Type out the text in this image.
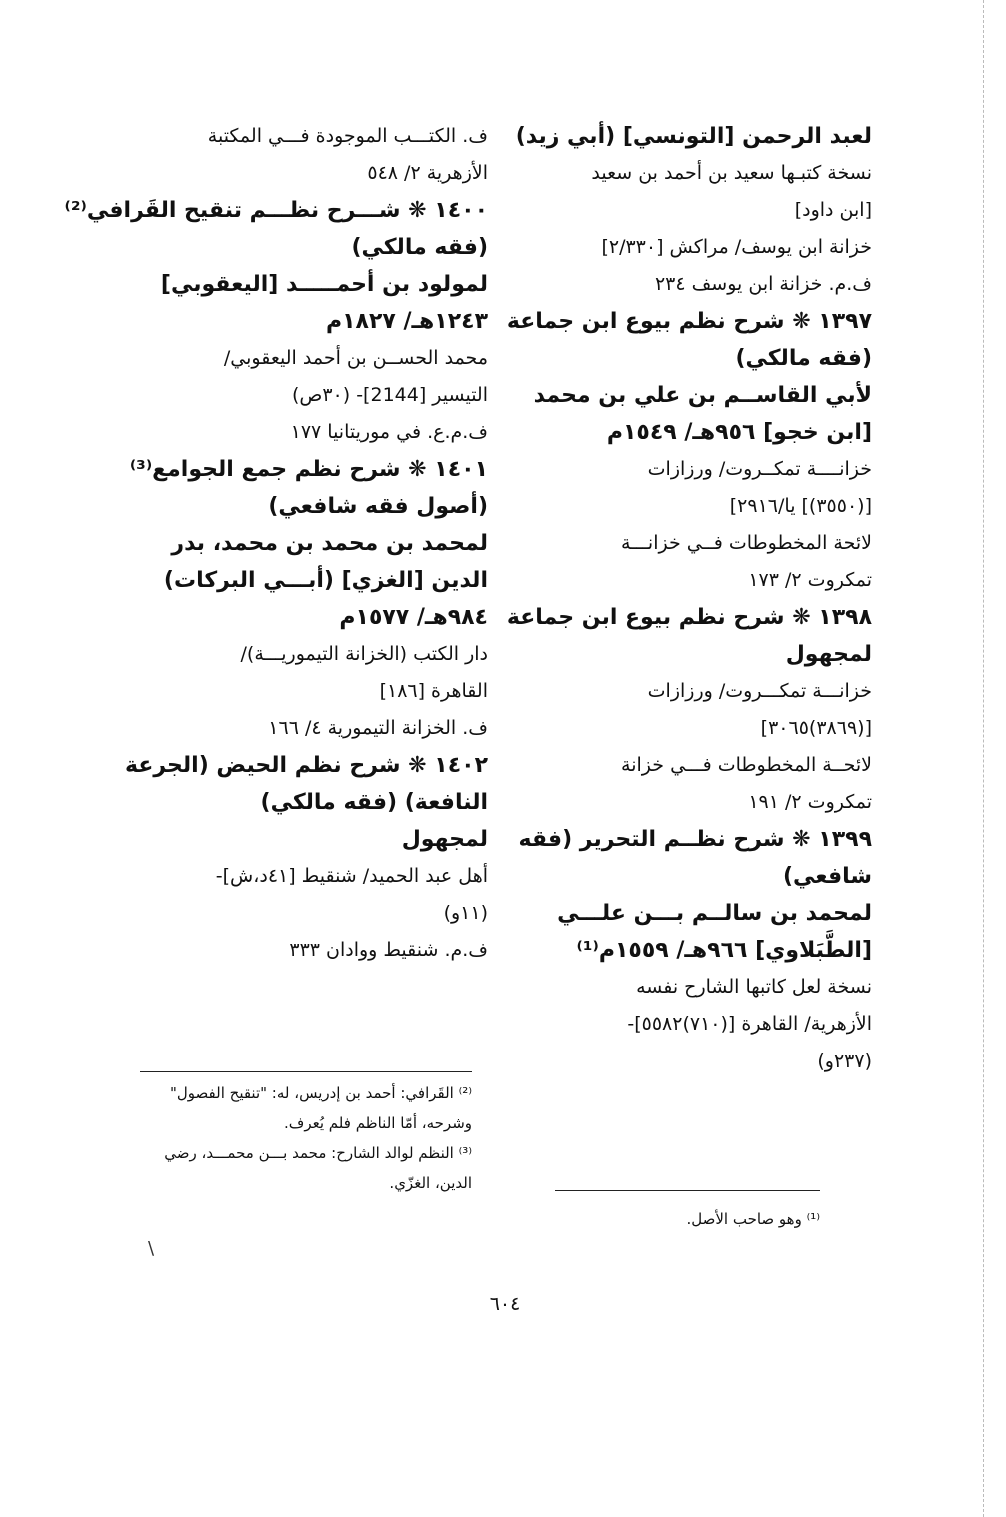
لعبد الرحمن [التونسي] (أبي زيد)
نسخة كتبـها سعيد بن أحمد بن سعيد
[ابن داود]
خزانة ابن يوسف/ مراكش [٢/٣٣٠]
ف.م. خزانة ابن يوسف ٢٣٤
١٣٩٧ ❋ شرح نظم بيوع ابن جماعة
(فقه مالكي)
لأبي القاســم بن علي بن محمد
[ابن خجو] ٩٥٦هـ/ ١٥٤٩م
خزانــــة تمكــروت/ ورزازات
[(٣٥٥٠)] يا/٢٩١٦]
لائحة المخطوطات فــي خزانـــة
تمكروت ٢/ ١٧٣
١٣٩٨ ❋ شرح نظم بيوع ابن جماعة
لمجهول
خزانـــة تمكـــروت/ ورزازات
[(٣٨٦٩)٣٠٦٥]
لائحــة المخطوطات فـــي خزانة
تمكروت ٢/ ١٩١
١٣٩٩ ❋ شرح نظــم التحرير (فقه
شافعي)
لمحمد بن سالــم بـــن علـــي
[الطَّبَلاوي] ٩٦٦هـ/ ١٥٥٩م⁽¹⁾
نسخة لعل كاتبها الشارح نفسه
الأزهرية/ القاهرة [(٧١٠)٥٥٨٢]-
(٢٣٧و)
ف. الكتـــب الموجودة فـــي المكتبة
الأزهرية ٢/ ٥٤٨
١٤٠٠ ❋ شـــرح نظـــم تنقيح القَرافي⁽²⁾
(فقه مالكي)
لمولود بن أحمـــــد [اليعقوبي]
١٢٤٣هـ/ ١٨٢٧م
محمد الحســن بن أحمد اليعقوبي/
التيسير [2144]- (٣٠ص)
ف.م.ع. في موريتانيا ١٧٧
١٤٠١ ❋ شرح نظم جمع الجوامع⁽³⁾
(أصول فقه شافعي)
لمحمد بن محمد بن محمد، بدر
الدين [الغزي] (أبـــي البركات)
٩٨٤هـ/ ١٥٧٧م
دار الكتب (الخزانة التيموريـــة)/
القاهرة [١٨٦]
ف. الخزانة التيمورية ٤/ ١٦٦
١٤٠٢ ❋ شرح نظم الحيض (الجرعة
النافعة) (فقه مالكي)
لمجهول
أهل عبد الحميد/ شنقيط [٤١د،ش]-
(١١و)
ف.م. شنقيط ووادان ٣٣٣
⁽²⁾ القَرافي: أحمد بن إدريس، له: "تنقيح الفصول"
وشرحه، أمّا الناظم فلم يُعرف.
⁽³⁾ النظم لوالد الشارح: محمد بـــن محمـــد، رضي
الدين، الغزّي.
⁽¹⁾ وهو صاحب الأصل.
\
٦٠٤
